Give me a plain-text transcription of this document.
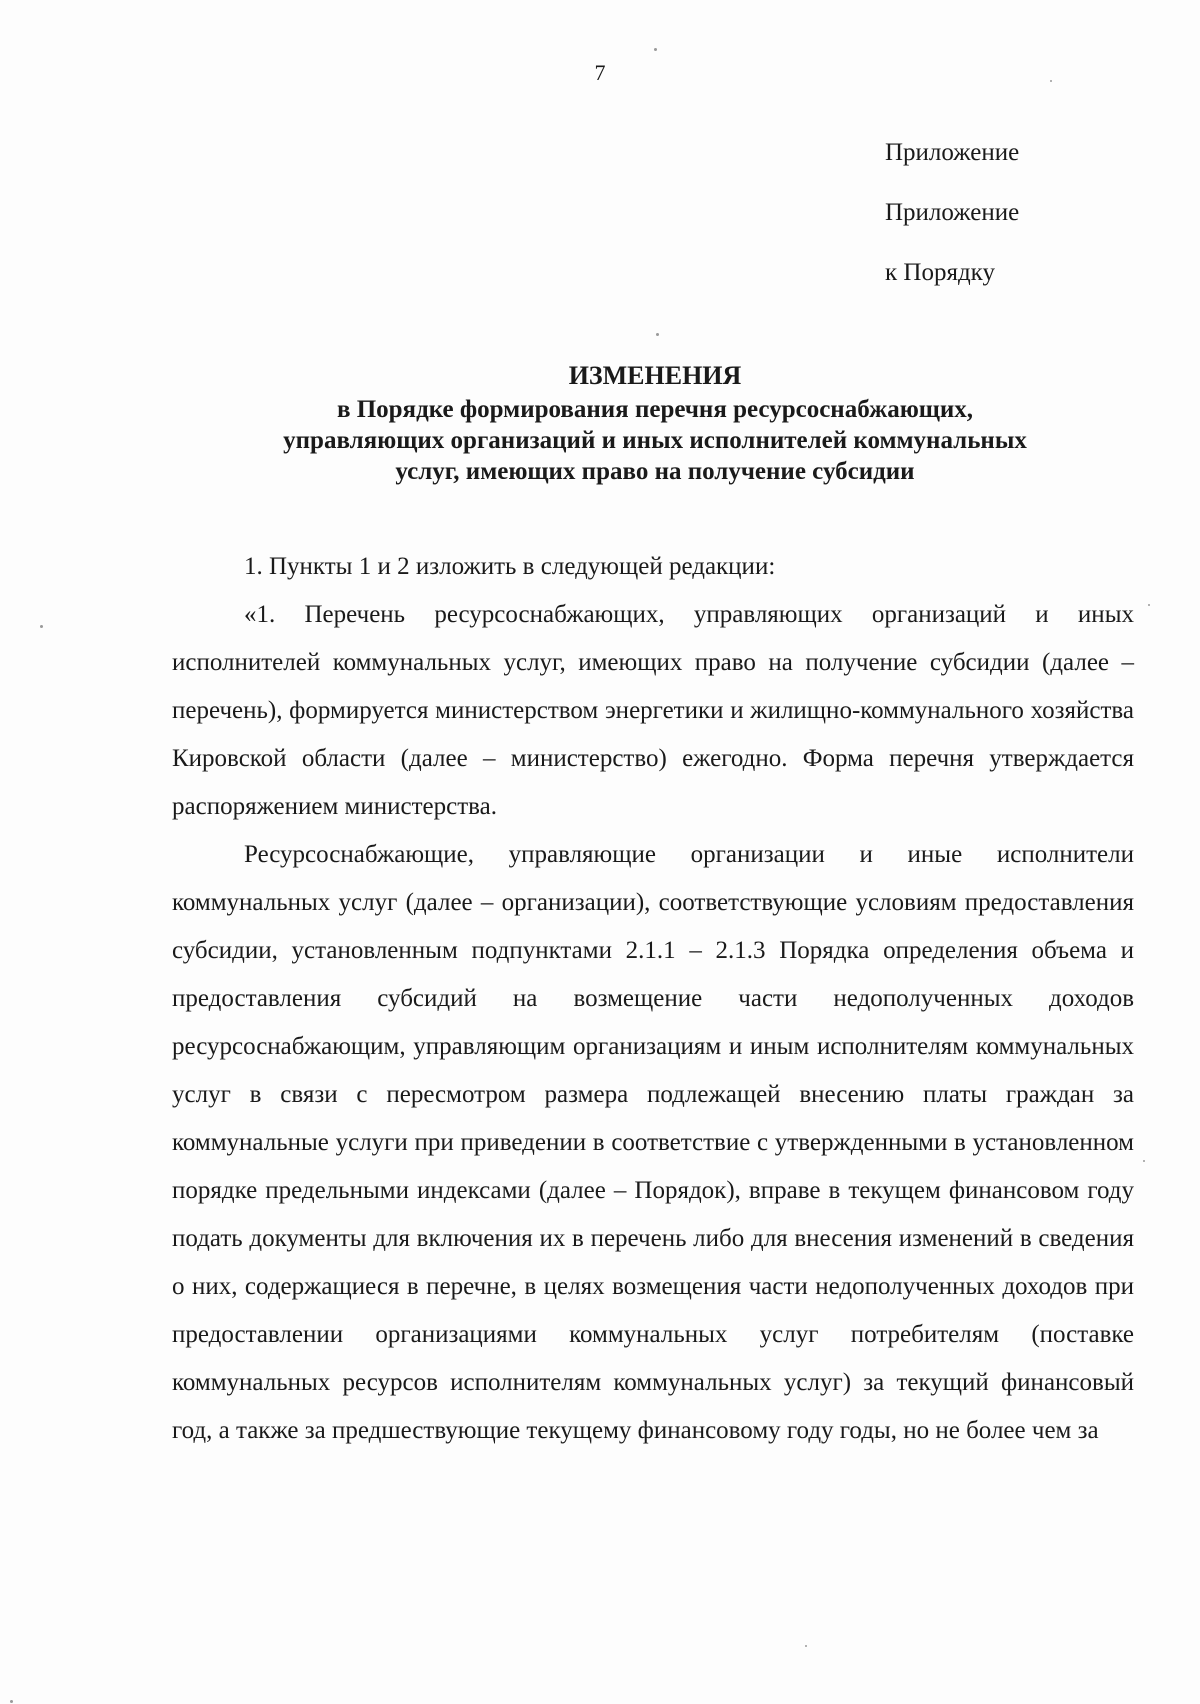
7
Приложение
Приложение
к Порядку
ИЗМЕНЕНИЯ
в Порядке формирования перечня ресурсоснабжающих,
управляющих организаций и иных исполнителей коммунальных
услуг, имеющих право на получение субсидии

1. Пункты 1 и 2 изложить в следующей редакции:

«1. Перечень ресурсоснабжающих, управляющих организаций и иных исполнителей коммунальных услуг, имеющих право на получение субсидии (далее – перечень), формируется министерством энергетики и жилищно-коммунального хозяйства Кировской области (далее – министерство) ежегодно. Форма перечня утверждается распоряжением министерства.

Ресурсоснабжающие, управляющие организации и иные исполнители коммунальных услуг (далее – организации), соответствующие условиям предоставления субсидии, установленным подпунктами 2.1.1 – 2.1.3 Порядка определения объема и предоставления субсидий на возмещение части недополученных доходов ресурсоснабжающим, управляющим организациям и иным исполнителям коммунальных услуг в связи с пересмотром размера подлежащей внесению платы граждан за коммунальные услуги при приведении в соответствие с утвержденными в установленном порядке предельными индексами (далее – Порядок), вправе в текущем финансовом году подать документы для включения их в перечень либо для внесения изменений в сведения о них, содержащиеся в перечне, в целях возмещения части недополученных доходов при предоставлении организациями коммунальных услуг потребителям (поставке коммунальных ресурсов исполнителям коммунальных услуг) за текущий финансовый год, а также за предшествующие текущему финансовому году годы, но не более чем за
